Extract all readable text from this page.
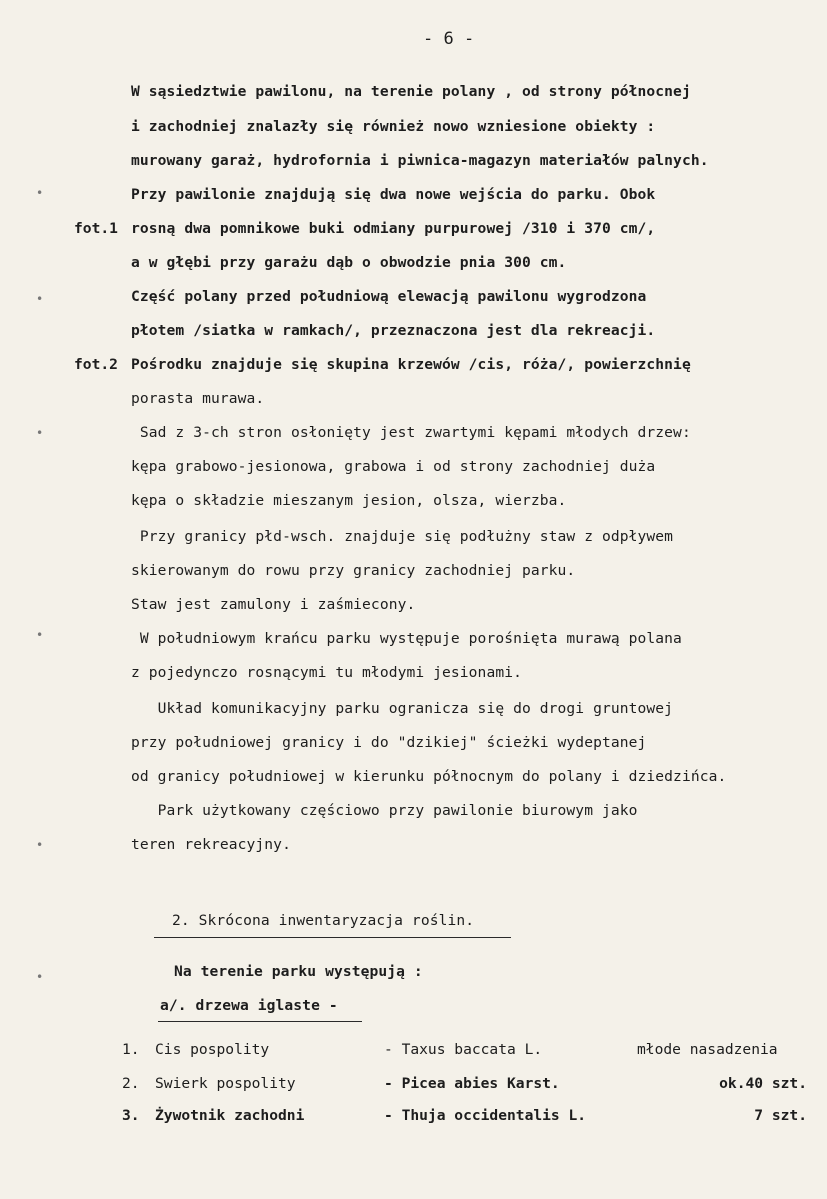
- 6 -
fot.1
fot.2
•
•
•
•
•
•
W sąsiedztwie pawilonu, na terenie polany , od strony północnej
i zachodniej znalazły się również nowo wzniesione obiekty :
murowany garaż, hydrofornia i piwnica-magazyn materiałów palnych.
Przy pawilonie znajdują się dwa nowe wejścia do parku. Obok
rosną dwa pomnikowe buki odmiany purpurowej /310 i 370 cm/,
a w głębi przy garażu dąb o obwodzie pnia 300 cm.
Część polany przed południową elewacją pawilonu wygrodzona
płotem /siatka w ramkach/, przeznaczona jest dla rekreacji.
Pośrodku znajduje się skupina krzewów /cis, róża/, powierzchnię
porasta murawa.
Sad z 3-ch stron osłonięty jest zwartymi kępami młodych drzew:
kępa grabowo-jesionowa, grabowa i od strony zachodniej duża
kępa o składzie mieszanym jesion, olsza, wierzba.
Przy granicy płd-wsch. znajduje się podłużny staw z odpływem
skierowanym do rowu przy granicy zachodniej parku.
Staw jest zamulony i zaśmiecony.
W południowym krańcu parku występuje porośnięta murawą polana
z pojedynczo rosnącymi tu młodymi jesionami.
Układ komunikacyjny parku ogranicza się do drogi gruntowej
przy południowej granicy i do "dzikiej" ścieżki wydeptanej
od granicy południowej w kierunku północnym do polany i dziedzińca.
Park użytkowany częściowo przy pawilonie biurowym jako
teren rekreacyjny.
2. Skrócona inwentaryzacja roślin.
Na terenie parku występują :
a/. drzewa iglaste -
1. Cis pospolity	- Taxus baccata L.	młode nasadzenia
2. Swierk pospolity	- Picea abies Karst.	ok.40 szt.
3. Żywotnik zachodni	- Thuja occidentalis L.	7 szt.
